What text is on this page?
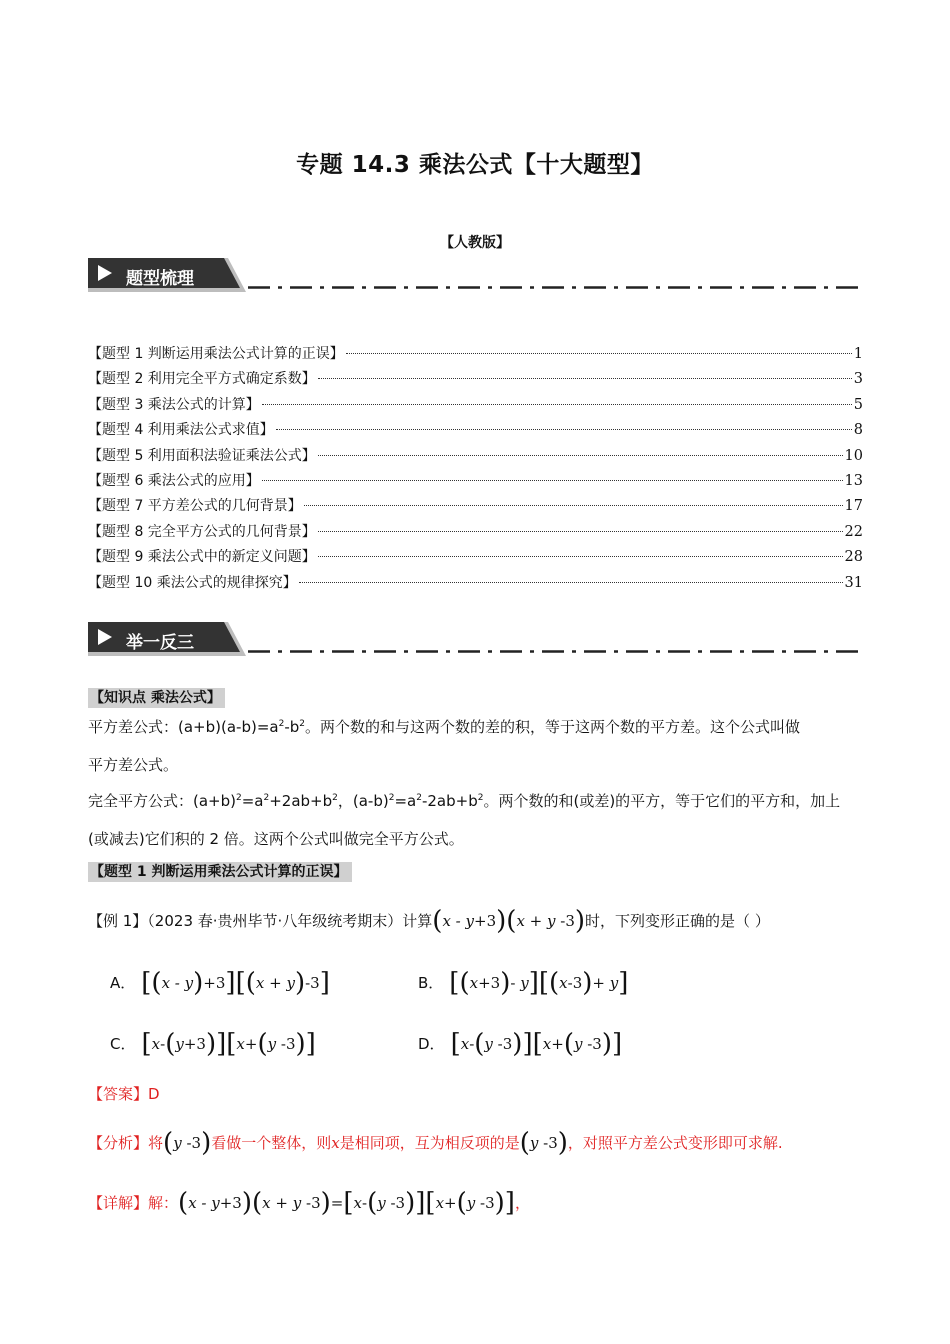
专题 14.3 乘法公式【十大题型】
【人教版】
题型梳理
【题型 1 判断运用乘法公式计算的正误】	1
【题型 2 利用完全平方式确定系数】	3
【题型 3 乘法公式的计算】	5
【题型 4 利用乘法公式求值】	8
【题型 5 利用面积法验证乘法公式】	10
【题型 6 乘法公式的应用】	13
【题型 7 平方差公式的几何背景】	17
【题型 8 完全平方公式的几何背景】	22
【题型 9 乘法公式中的新定义问题】	28
【题型 10 乘法公式的规律探究】	31
举一反三
【知识点 乘法公式】
平方差公式：$(a+b)(a-b)=a^2-b^2$。两个数的和与这两个数的差的积，等于这两个数的平方差。这个公式叫做
平方差公式。
完全平方公式：$(a+b)^2=a^2+2ab+b^2$，$(a-b)^2=a^2-2ab+b^2$。两个数的和(或差)的平方，等于它们的平方和，加上
(或减去)它们积的 2 倍。这两个公式叫做完全平方公式。
【题型 1 判断运用乘法公式计算的正误】
【例 1】（2023 春·贵州毕节·八年级统考期末）计算(x - y+3)(x + y -3)时，下列变形正确的是（ ）
A． [(x - y)+3][(x + y)-3]	B． [(x+3)- y][(x-3)+ y]
C． [x-(y+3)][x+(y -3)]	D． [x-(y -3)][x+(y -3)]
【答案】D
【分析】将(y -3)看做一个整体，则x是相同项，互为相反项的是(y -3)，对照平方差公式变形即可求解.
【详解】解：(x - y+3)(x + y -3)=[x-(y -3)][x+(y -3)]，
